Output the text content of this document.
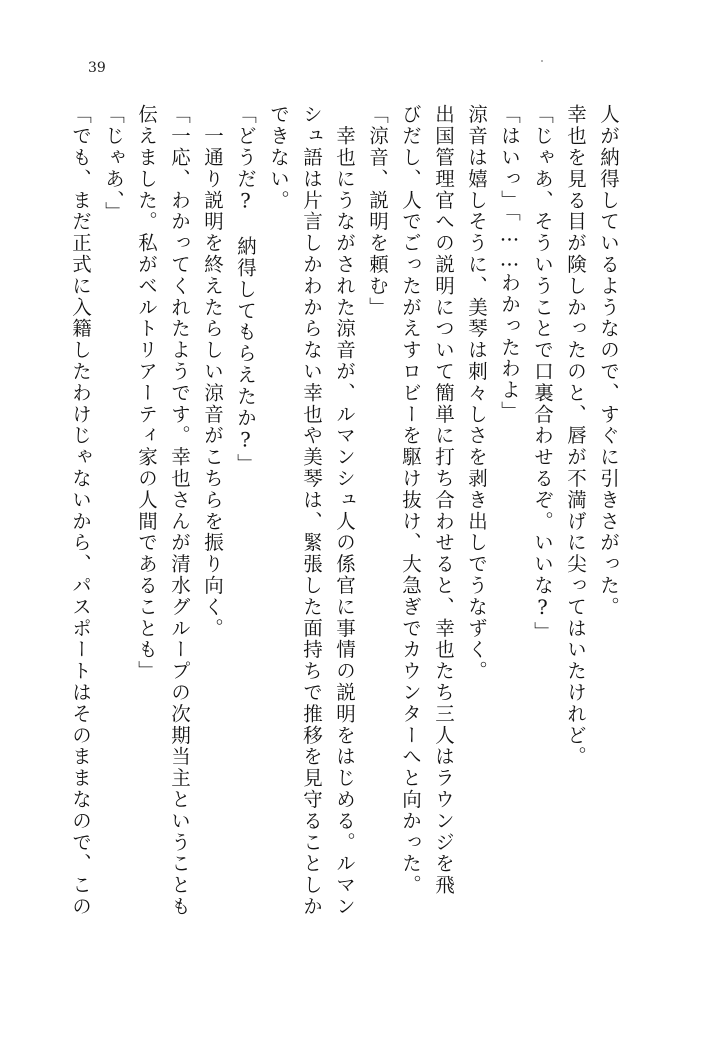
39
「でも、まだ正式に入籍したわけじゃないから、パスポートはそのままなので、この 「じゃあ、」 伝えました。私がベルトリアーティ家の人間であることも」 「一応、わかってくれたようです。幸也さんが清水グループの次期当主ということも 　一通り説明を終えたらしい涼音がこちらを振り向く。 「どうだ?　納得してもらえたか?」 できない。 シュ語は片言しかわからない幸也や美琴は、緊張した面持ちで推移を見守ることしか 　幸也にうながされた涼音が、ルマンシュ人の係官に事情の説明をはじめる。ルマン 「涼音、説明を頼む」 びだし、人でごったがえすロビーを駆け抜け、大急ぎでカウンターへと向かった。 出国管理官への説明について簡単に打ち合わせると、幸也たち三人はラウンジを飛 涼音は嬉しそうに、美琴は刺々しさを剥き出しでうなずく。 「はいっ」「……わかったわよ」 「じゃあ、そういうことで口裏合わせるぞ。いいな?」 幸也を見る目が険しかったのと、唇が不満げに尖ってはいたけれど。 人が納得しているようなので、すぐに引きさがった。
